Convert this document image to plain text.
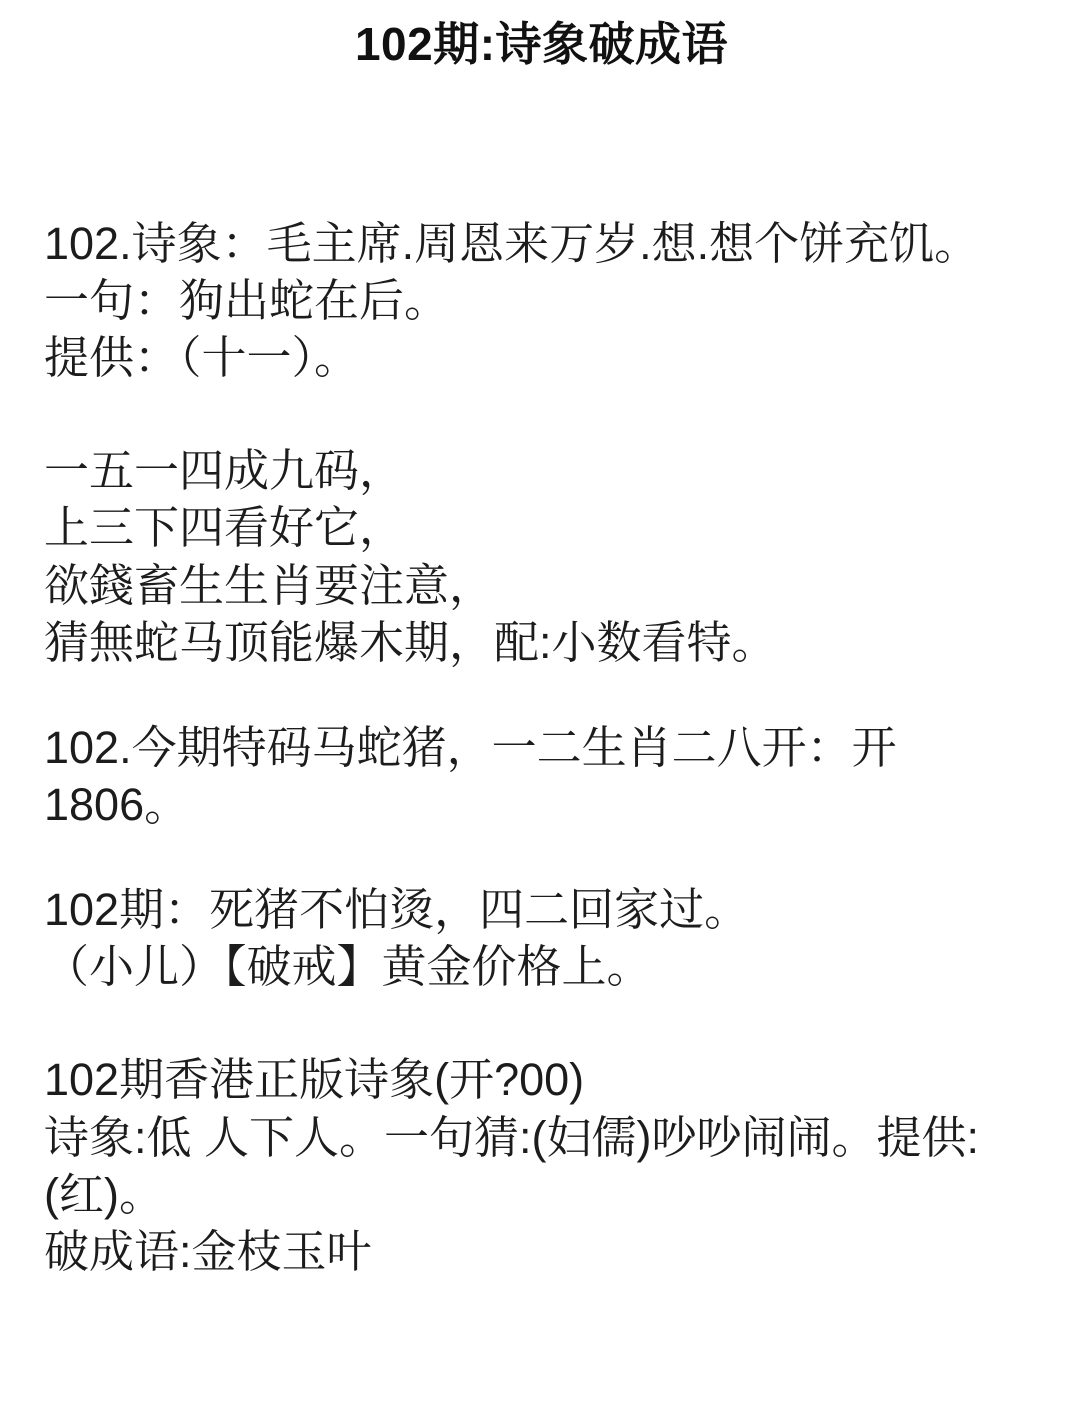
102期:诗象破成语
102.诗象：毛主席.周恩来万岁.想.想个饼充饥。
一句：狗出蛇在后。
提供：（十一）。
一五一四成九码，
上三下四看好它，
欲錢畜生生肖要注意，
猜無蛇马顶能爆木期，配:小数看特。
102.今期特码马蛇猪，一二生肖二八开：开1806。
102期：死猪不怕烫，四二回家过。
（小儿）【破戒】黄金价格上。
102期香港正版诗象(开?00)
诗象:低 人下人。一句猜:(妇儒)吵吵闹闹。提供:(红)。
破成语:金枝玉叶
